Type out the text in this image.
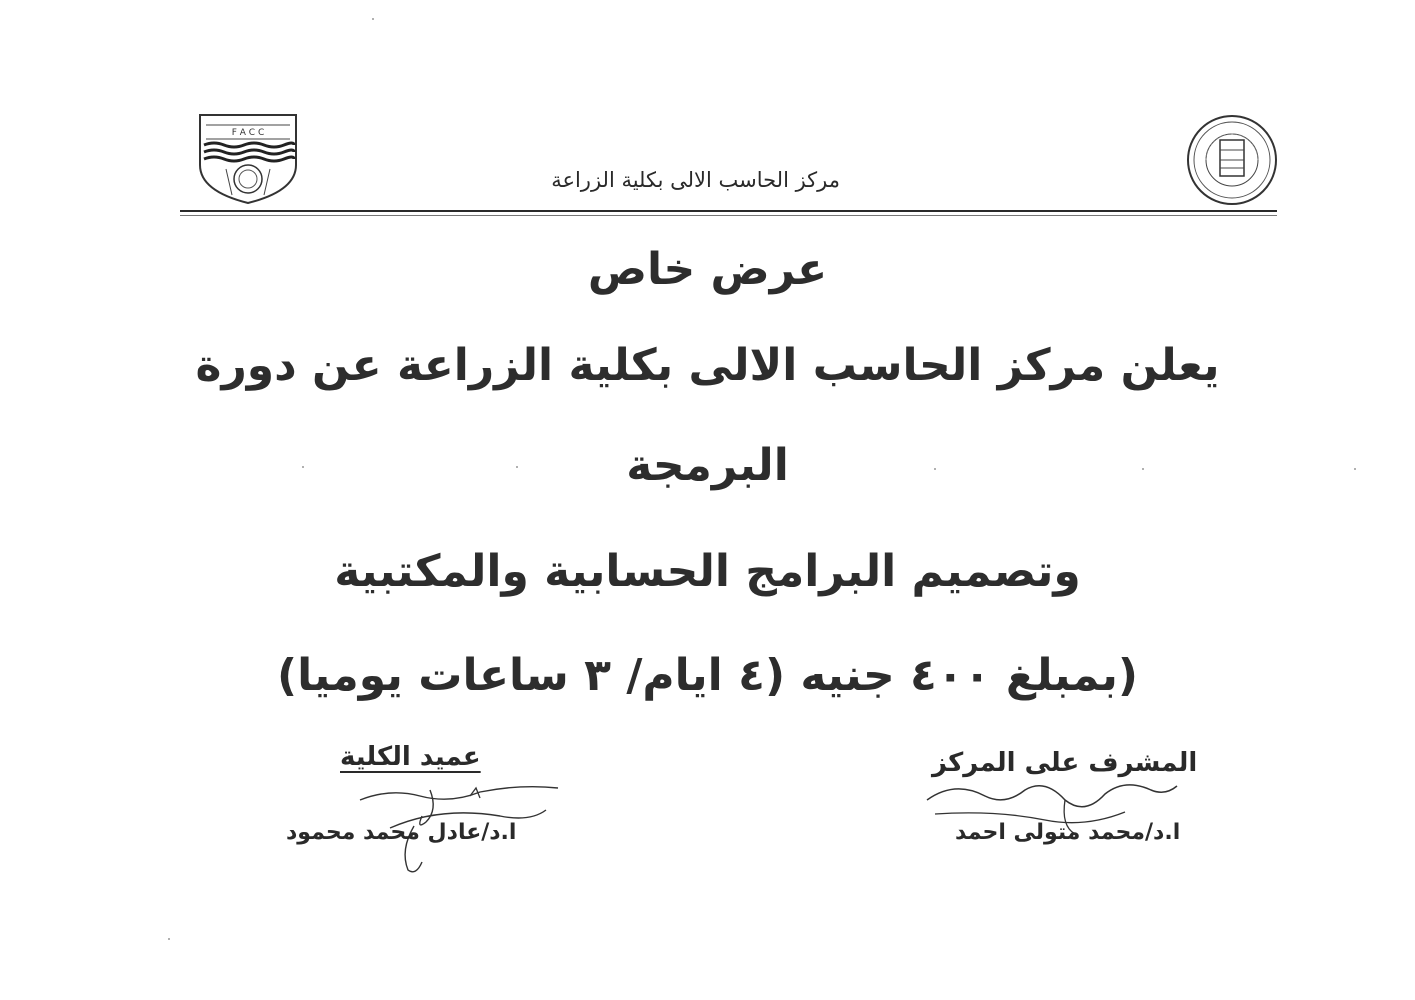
F A C C
مركز الحاسب الالى بكلية الزراعة
عرض خاص
يعلن مركز الحاسب الالى بكلية الزراعة عن دورة
البرمجة
وتصميم البرامج الحسابية والمكتبية
(بمبلغ ٤٠٠ جنيه (٤ ايام/ ٣ ساعات يوميا)
عميد الكلية
ا.د/عادل محمد محمود
المشرف على المركز
ا.د/محمد متولى احمد
